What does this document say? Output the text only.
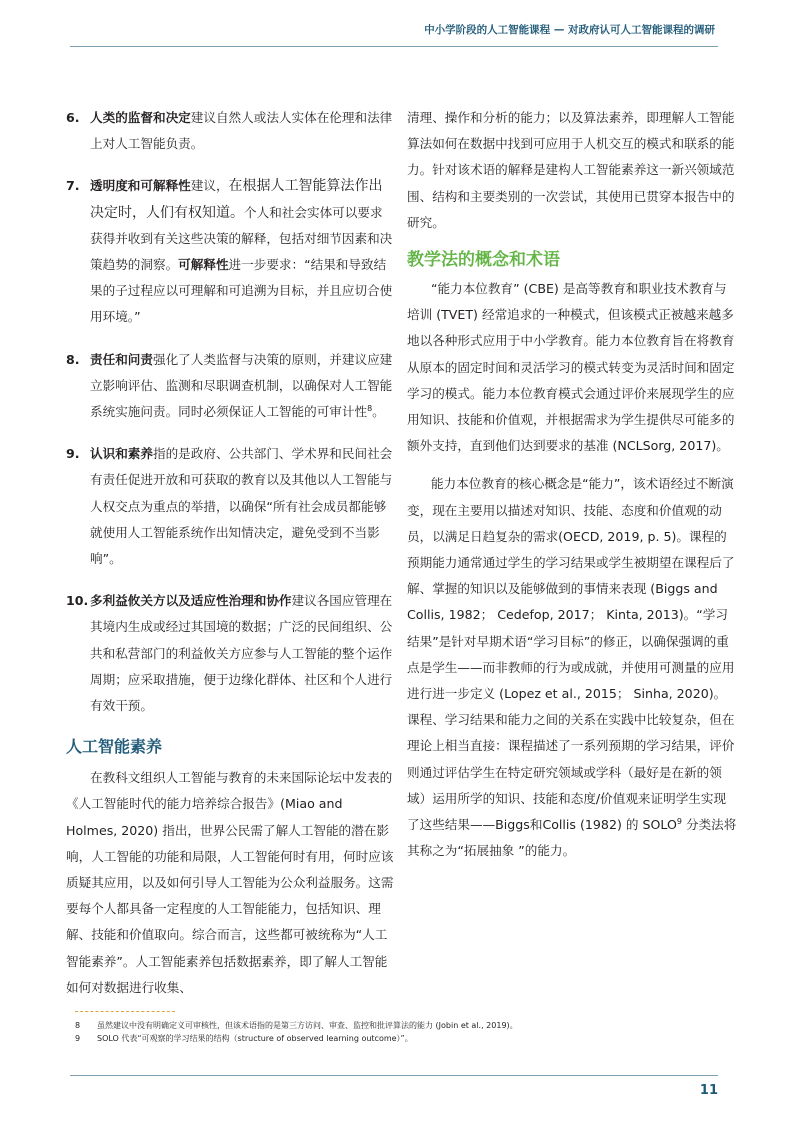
中小学阶段的人工智能课程 — 对政府认可人工智能课程的调研
6. 人类的监督和决定建议自然人或法人实体在伦理和法律上对人工智能负责。
7. 透明度和可解释性建议，在根据人工智能算法作出决定时，人们有权知道。个人和社会实体可以要求获得并收到有关这些决策的解释，包括对细节因素和决策趋势的洞察。可解释性进一步要求：“结果和导致结果的子过程应以可理解和可追溯为目标，并且应切合使用环境。”
8. 责任和问责强化了人类监督与决策的原则，并建议应建立影响评估、监测和尽职调查机制，以确保对人工智能系统实施问责。同时必须保证人工智能的可审计性$^8$。
9. 认识和素养指的是政府、公共部门、学术界和民间社会有责任促进开放和可获取的教育以及其他以人工智能与人权交点为重点的举措，以确保“所有社会成员都能够就使用人工智能系统作出知情决定，避免受到不当影响”。
10. 多利益攸关方以及适应性治理和协作建议各国应管理在其境内生成或经过其国境的数据；广泛的民间组织、公共和私营部门的利益攸关方应参与人工智能的整个运作周期；应采取措施，便于边缘化群体、社区和个人进行有效干预。
人工智能素养

在教科文组织人工智能与教育的未来国际论坛中发表的《人工智能时代的能力培养综合报告》(Miao and Holmes, 2020) 指出，世界公民需了解人工智能的潜在影响，人工智能的功能和局限，人工智能何时有用，何时应该质疑其应用，以及如何引导人工智能为公众利益服务。这需要每个人都具备一定程度的人工智能能力，包括知识、理解、技能和价值取向。综合而言，这些都可被统称为“人工智能素养”。人工智能素养包括数据素养，即了解人工智能如何对数据进行收集、

清理、操作和分析的能力；以及算法素养，即理解人工智能算法如何在数据中找到可应用于人机交互的模式和联系的能力。针对该术语的解释是建构人工智能素养这一新兴领域范围、结构和主要类别的一次尝试，其使用已贯穿本报告中的研究。

教学法的概念和术语

“能力本位教育” (CBE) 是高等教育和职业技术教育与培训 (TVET) 经常追求的一种模式，但该模式正被越来越多地以各种形式应用于中小学教育。能力本位教育旨在将教育从原本的固定时间和灵活学习的模式转变为灵活时间和固定学习的模式。能力本位教育模式会通过评价来展现学生的应用知识、技能和价值观，并根据需求为学生提供尽可能多的额外支持，直到他们达到要求的基准 (NCLSorg, 2017)。

能力本位教育的核心概念是“能力”，该术语经过不断演变，现在主要用以描述对知识、技能、态度和价值观的动员，以满足日趋复杂的需求(OECD, 2019, p. 5)。课程的预期能力通常通过学生的学习结果或学生被期望在课程后了解、掌握的知识以及能够做到的事情来表现 (Biggs and Collis, 1982； Cedefop, 2017； Kinta, 2013)。“学习结果”是针对早期术语“学习目标”的修正，以确保强调的重点是学生——而非教师的行为或成就，并使用可测量的应用进行进一步定义 (Lopez et al., 2015； Sinha, 2020)。课程、学习结果和能力之间的关系在实践中比较复杂，但在理论上相当直接：课程描述了一系列预期的学习结果，评价则通过评估学生在特定研究领域或学科（最好是在新的领域）运用所学的知识、技能和态度/价值观来证明学生实现了这些结果——Biggs和Collis (1982) 的 SOLO$^9$ 分类法将其称之为“拓展抽象 ”的能力。

8 虽然建议中没有明确定义可审核性，但该术语指的是第三方访问、审查、监控和批评算法的能力 (Jobin et al., 2019)。
9 SOLO 代表“可观察的学习结果的结构（structure of observed learning outcome）”。
11
